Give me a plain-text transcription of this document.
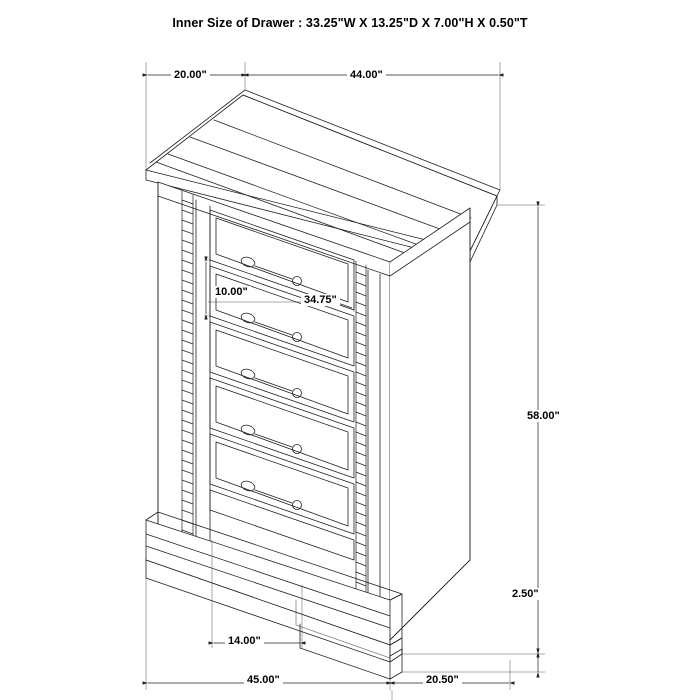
Inner Size of Drawer : 33.25"W X 13.25"D X 7.00"H X 0.50"T
20.00"	44.00"
10.00"
34.75"
58.00"
2.50"
14.00"
45.00"	20.50"
